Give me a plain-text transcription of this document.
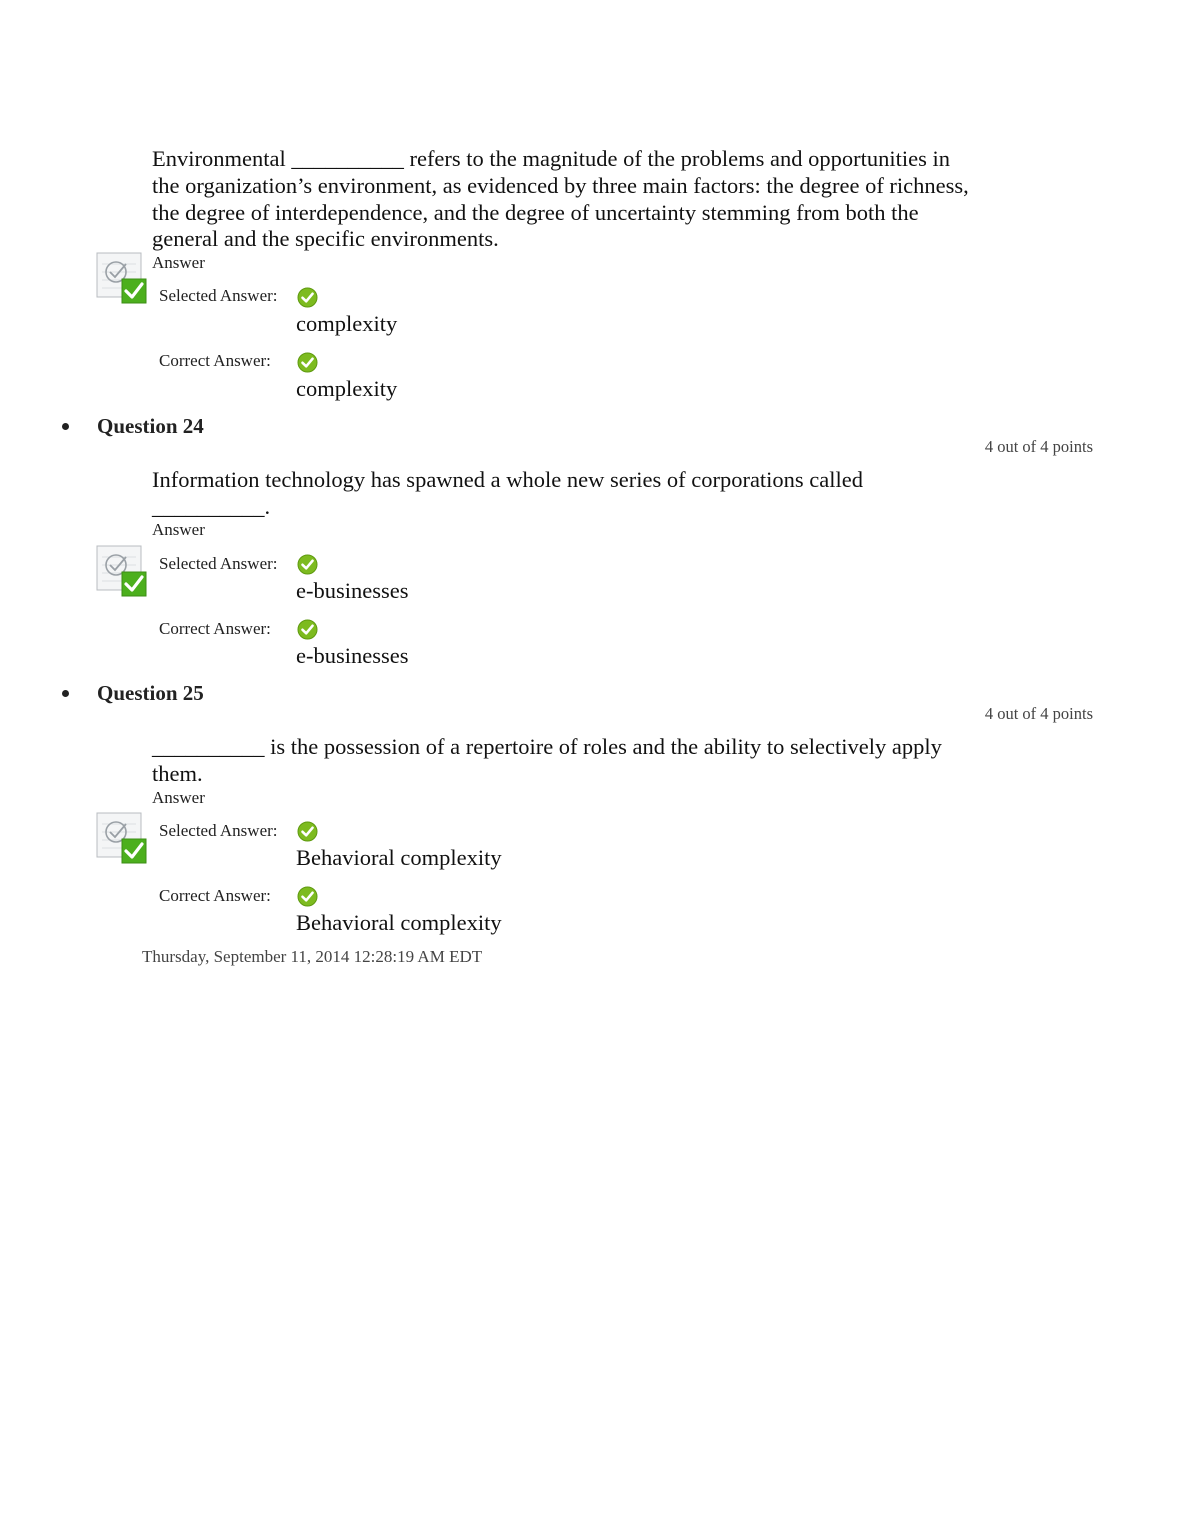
Environmental __________ refers to the magnitude of the problems and opportunities in the organization’s environment, as evidenced by three main factors: the degree of richness, the degree of interdependence, and the degree of uncertainty stemming from both the general and the specific environments.
Answer
Selected Answer:
complexity
Correct Answer:
complexity
Question 24
4 out of 4 points
Information technology has spawned a whole new series of corporations called __________.
Answer
Selected Answer:
e-businesses
Correct Answer:
e-businesses
Question 25
4 out of 4 points
__________ is the possession of a repertoire of roles and the ability to selectively apply them.
Answer
Selected Answer:
Behavioral complexity
Correct Answer:
Behavioral complexity
Thursday, September 11, 2014 12:28:19 AM EDT
